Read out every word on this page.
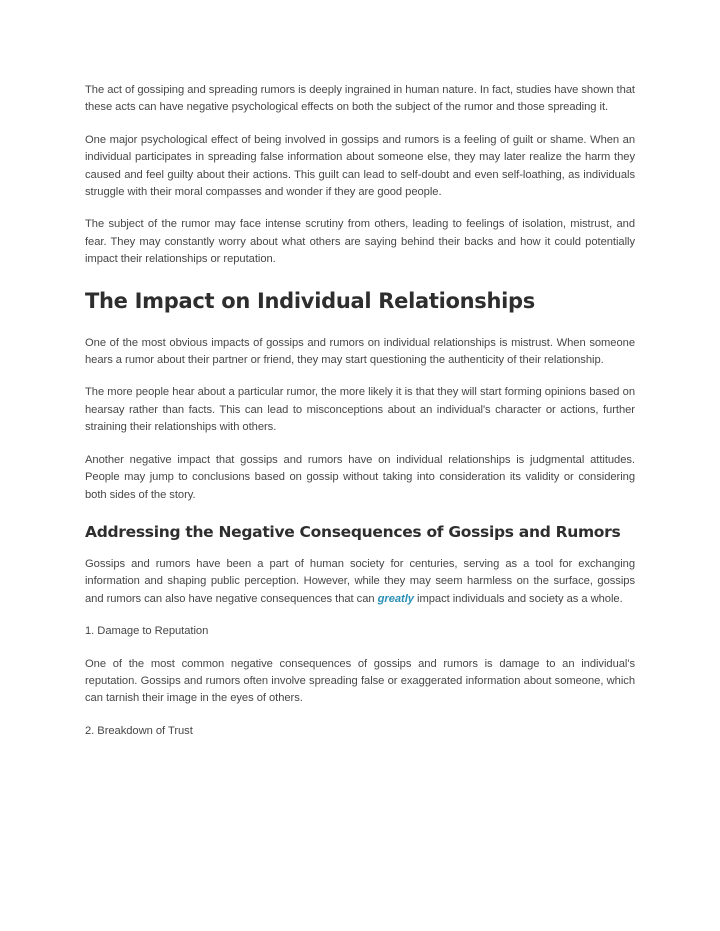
The act of gossiping and spreading rumors is deeply ingrained in human nature. In fact, studies have shown that these acts can have negative psychological effects on both the subject of the rumor and those spreading it.

One major psychological effect of being involved in gossips and rumors is a feeling of guilt or shame. When an individual participates in spreading false information about someone else, they may later realize the harm they caused and feel guilty about their actions. This guilt can lead to self-doubt and even self-loathing, as individuals struggle with their moral compasses and wonder if they are good people.

The subject of the rumor may face intense scrutiny from others, leading to feelings of isolation, mistrust, and fear. They may constantly worry about what others are saying behind their backs and how it could potentially impact their relationships or reputation.

The Impact on Individual Relationships

One of the most obvious impacts of gossips and rumors on individual relationships is mistrust. When someone hears a rumor about their partner or friend, they may start questioning the authenticity of their relationship.

The more people hear about a particular rumor, the more likely it is that they will start forming opinions based on hearsay rather than facts. This can lead to misconceptions about an individual's character or actions, further straining their relationships with others.

Another negative impact that gossips and rumors have on individual relationships is judgmental attitudes. People may jump to conclusions based on gossip without taking into consideration its validity or considering both sides of the story.

Addressing the Negative Consequences of Gossips and Rumors

Gossips and rumors have been a part of human society for centuries, serving as a tool for exchanging information and shaping public perception. However, while they may seem harmless on the surface, gossips and rumors can also have negative consequences that can greatly impact individuals and society as a whole.

1. Damage to Reputation

One of the most common negative consequences of gossips and rumors is damage to an individual's reputation. Gossips and rumors often involve spreading false or exaggerated information about someone, which can tarnish their image in the eyes of others.

2. Breakdown of Trust
